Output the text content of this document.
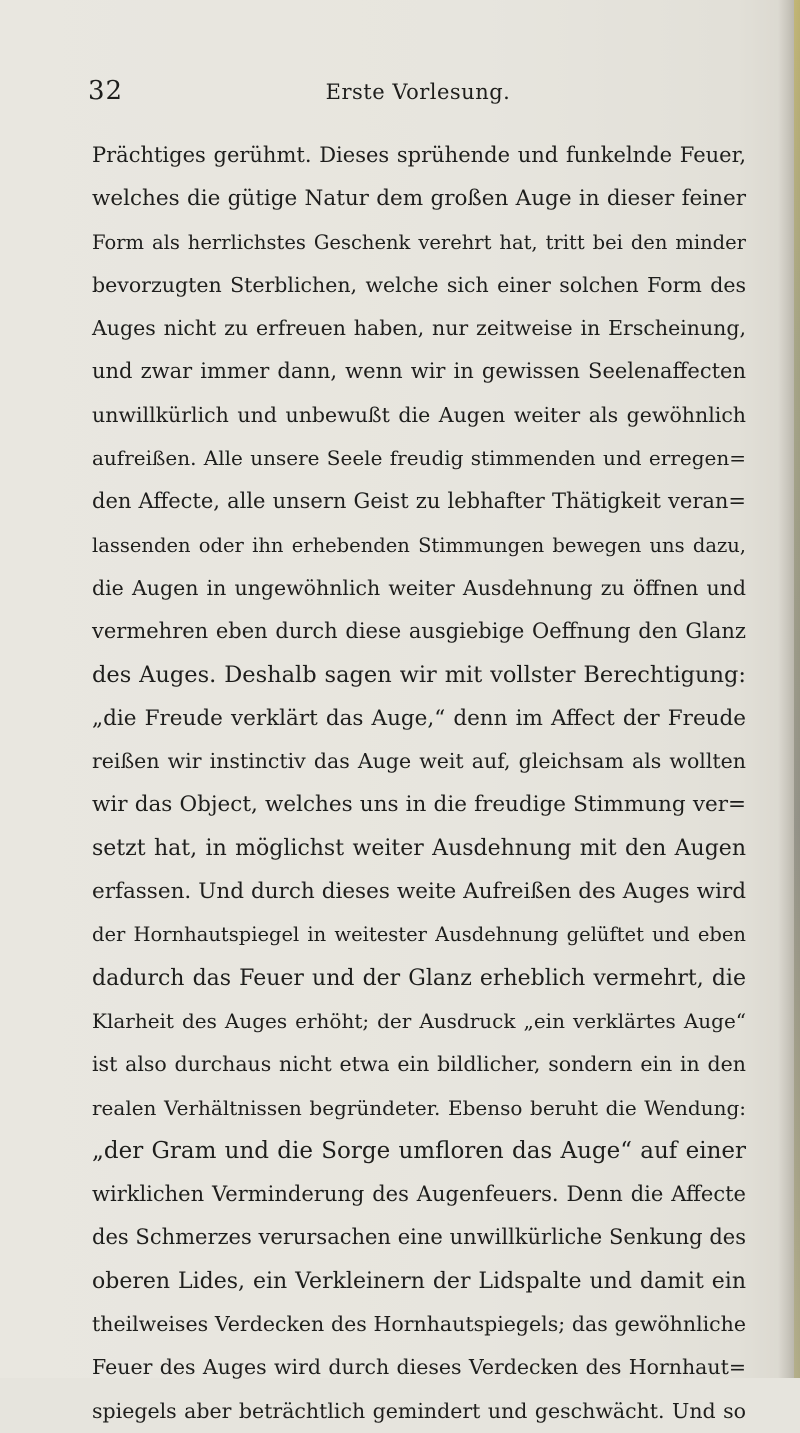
32	Erste Vorlesung.
Prächtiges gerühmt. Dieses sprühende und funkelnde Feuer,
welches die gütige Natur dem großen Auge in dieser feiner
Form als herrlichstes Geschenk verehrt hat, tritt bei den minder
bevorzugten Sterblichen, welche sich einer solchen Form des
Auges nicht zu erfreuen haben, nur zeitweise in Erscheinung,
und zwar immer dann, wenn wir in gewissen Seelenaffecten
unwillkürlich und unbewußt die Augen weiter als gewöhnlich
aufreißen. Alle unsere Seele freudig stimmenden und erregen=
den Affecte, alle unsern Geist zu lebhafter Thätigkeit veran=
lassenden oder ihn erhebenden Stimmungen bewegen uns dazu,
die Augen in ungewöhnlich weiter Ausdehnung zu öffnen und
vermehren eben durch diese ausgiebige Oeffnung den Glanz
des Auges. Deshalb sagen wir mit vollster Berechtigung:
„die Freude verklärt das Auge,“ denn im Affect der Freude
reißen wir instinctiv das Auge weit auf, gleichsam als wollten
wir das Object, welches uns in die freudige Stimmung ver=
setzt hat, in möglichst weiter Ausdehnung mit den Augen
erfassen. Und durch dieses weite Aufreißen des Auges wird
der Hornhautspiegel in weitester Ausdehnung gelüftet und eben
dadurch das Feuer und der Glanz erheblich vermehrt, die
Klarheit des Auges erhöht; der Ausdruck „ein verklärtes Auge“
ist also durchaus nicht etwa ein bildlicher, sondern ein in den
realen Verhältnissen begründeter. Ebenso beruht die Wendung:
„der Gram und die Sorge umfloren das Auge“ auf einer
wirklichen Verminderung des Augenfeuers. Denn die Affecte
des Schmerzes verursachen eine unwillkürliche Senkung des
oberen Lides, ein Verkleinern der Lidspalte und damit ein
theilweises Verdecken des Hornhautspiegels; das gewöhnliche
Feuer des Auges wird durch dieses Verdecken des Hornhaut=
spiegels aber beträchtlich gemindert und geschwächt. Und so
